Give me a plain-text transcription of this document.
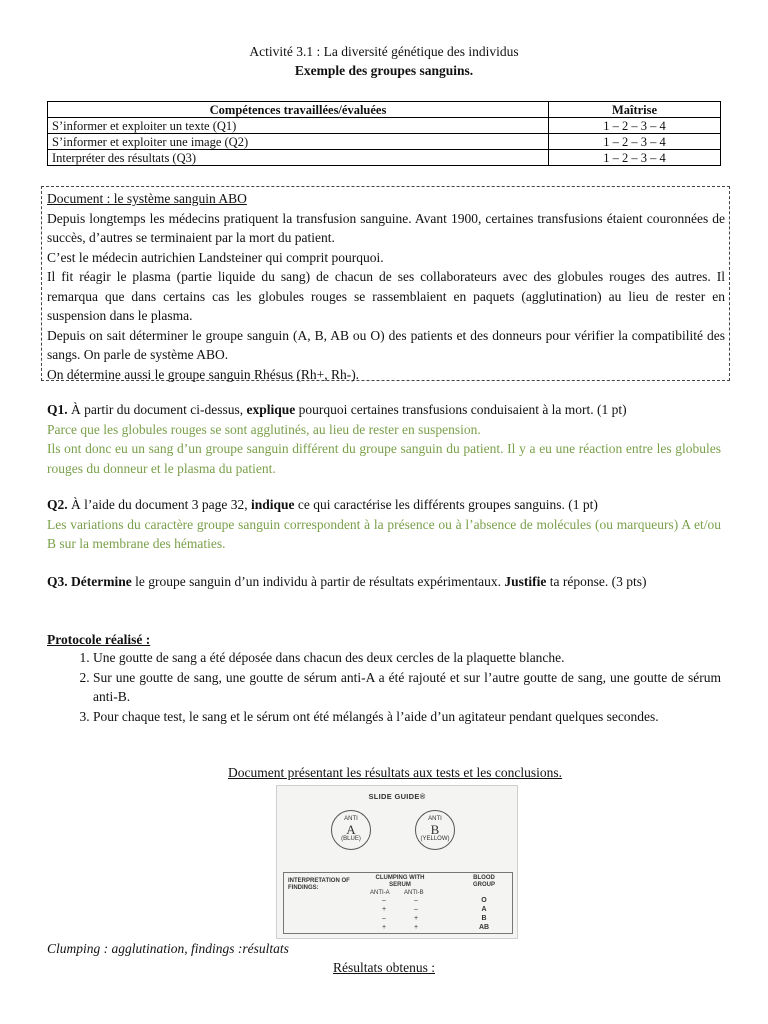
Activité 3.1 : La diversité génétique des individus
Exemple des groupes sanguins.
Compétences travaillées/évaluées	Maîtrise
S’informer et exploiter un texte (Q1)	1 – 2 – 3 – 4
S’informer et exploiter une image (Q2)	1 – 2 – 3 – 4
Interpréter des résultats (Q3)	1 – 2 – 3 – 4

Document : le système sanguin ABO

Depuis longtemps les médecins pratiquent la transfusion sanguine. Avant 1900, certaines transfusions étaient couronnées de succès, d’autres se terminaient par la mort du patient.

C’est le médecin autrichien Landsteiner qui comprit pourquoi.

Il fit réagir le plasma (partie liquide du sang) de chacun de ses collaborateurs avec des globules rouges des autres. Il remarqua que dans certains cas les globules rouges se rassemblaient en paquets (agglutination) au lieu de rester en suspension dans le plasma.

Depuis on sait déterminer le groupe sanguin (A, B, AB ou O) des patients et des donneurs pour vérifier la compatibilité des sangs. On parle de système ABO.

On détermine aussi le groupe sanguin Rhésus (Rh+, Rh-).

Q1. À partir du document ci-dessus, explique pourquoi certaines transfusions conduisaient à la mort. (1 pt)

Parce que les globules rouges se sont agglutinés, au lieu de rester en suspension.

Ils ont donc eu un sang d’un groupe sanguin différent du groupe sanguin du patient. Il y a eu une réaction entre les globules rouges du donneur et le plasma du patient.

Q2. À l’aide du document 3 page 32, indique ce qui caractérise les différents groupes sanguins. (1 pt)

Les variations du caractère groupe sanguin correspondent à la présence ou à l’absence de molécules (ou marqueurs) A et/ou B sur la membrane des hématies.

Q3. Détermine le groupe sanguin d’un individu à partir de résultats expérimentaux. Justifie ta réponse. (3 pts)

Protocole réalisé :

1. Une goutte de sang a été déposée dans chacun des deux cercles de la plaquette blanche.
2. Sur une goutte de sang, une goutte de sérum anti-A a été rajouté et sur l’autre goutte de sang, une goutte de sérum anti-B.
3. Pour chaque test, le sang et le sérum ont été mélangés à l’aide d’un agitateur pendant quelques secondes.
Document présentant les résultats aux tests et les conclusions.
SLIDE GUIDE®
ANTI
A
(BLUE)
ANTI
B
(YELLOW)
INTERPRETATION OF FINDINGS:
CLUMPING WITH SERUM
BLOOD GROUP
ANTI-A ANTI-B
–	–	O
+	–	A
–	+	B
+	+	AB
Clumping : agglutination, findings :résultats
Résultats obtenus :
